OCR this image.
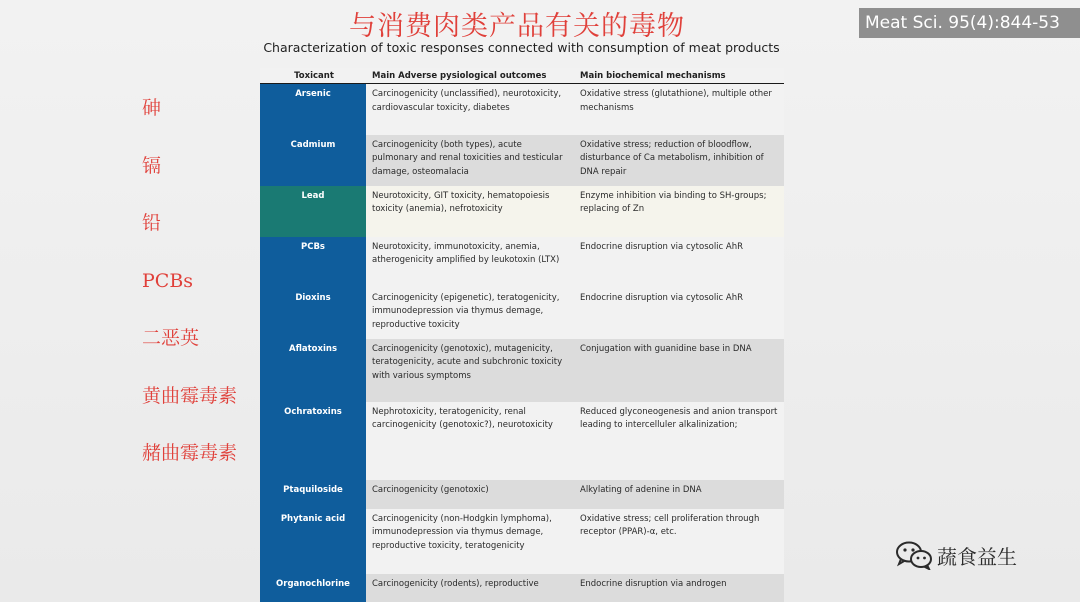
与消费肉类产品有关的毒物
Characterization of toxic responses connected with consumption of meat products
Meat Sci. 95(4):844-53
砷
镉
铅
PCBs
二恶英
黄曲霉毒素
赭曲霉毒素
Toxicant	Main Adverse pysiological outcomes	Main biochemical mechanisms
Arsenic	Carcinogenicity (unclassified), neurotoxicity, cardiovascular toxicity, diabetes	Oxidative stress (glutathione), multiple other mechanisms
Cadmium	Carcinogenicity (both types), acute pulmonary and renal toxicities and testicular damage, osteomalacia	Oxidative stress; reduction of bloodflow, disturbance of Ca metabolism, inhibition of DNA repair
Lead	Neurotoxicity, GIT toxicity, hematopoiesis toxicity (anemia), nefrotoxicity	Enzyme inhibition via binding to SH-groups; replacing of Zn
PCBs	Neurotoxicity, immunotoxicity, anemia, atherogenicity amplified by leukotoxin (LTX)	Endocrine disruption via cytosolic AhR
Dioxins	Carcinogenicity (epigenetic), teratogenicity, immunodepression via thymus demage, reproductive toxicity	Endocrine disruption via cytosolic AhR
Aflatoxins	Carcinogenicity (genotoxic), mutagenicity, teratogenicity, acute and subchronic toxicity with various symptoms	Conjugation with guanidine base in DNA
Ochratoxins	Nephrotoxicity, teratogenicity, renal carcinogenicity (genotoxic?), neurotoxicity	Reduced glyconeogenesis and anion transport leading to intercelluler alkalinization;
Ptaquiloside	Carcinogenicity (genotoxic)	Alkylating of adenine in DNA
Phytanic acid	Carcinogenicity (non-Hodgkin lymphoma), immunodepression via thymus demage, reproductive toxicity, teratogenicity	Oxidative stress; cell proliferation through receptor (PPAR)-α, etc.
Organochlorine	Carcinogenicity (rodents), reproductive	Endocrine disruption via androgen
蔬食益生
